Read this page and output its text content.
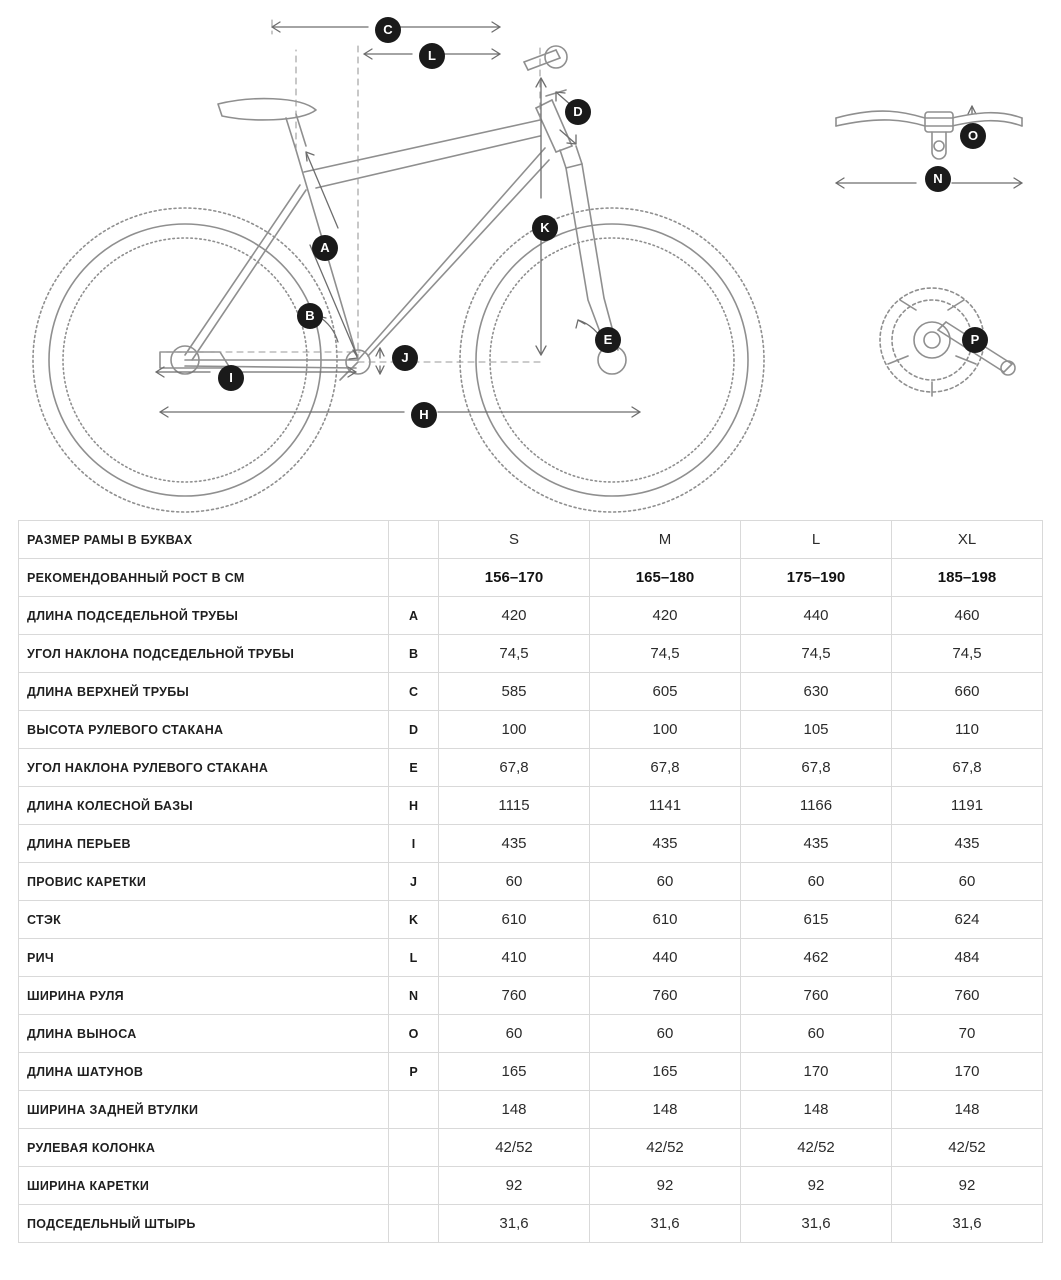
C
L
D
O
N
A
K
B
P
E
J
I
H
РАЗМЕР РАМЫ В БУКВАХ		S	M	L	XL
РЕКОМЕНДОВАННЫЙ РОСТ В СМ		156–170	165–180	175–190	185–198
ДЛИНА ПОДСЕДЕЛЬНОЙ ТРУБЫ	A	420	420	440	460
УГОЛ НАКЛОНА ПОДСЕДЕЛЬНОЙ ТРУБЫ	B	74,5	74,5	74,5	74,5
ДЛИНА ВЕРХНЕЙ ТРУБЫ	C	585	605	630	660
ВЫСОТА РУЛЕВОГО СТАКАНА	D	100	100	105	110
УГОЛ НАКЛОНА РУЛЕВОГО СТАКАНА	E	67,8	67,8	67,8	67,8
ДЛИНА КОЛЕСНОЙ БАЗЫ	H	1115	1141	1166	1191
ДЛИНА ПЕРЬЕВ	I	435	435	435	435
ПРОВИС КАРЕТКИ	J	60	60	60	60
СТЭК	K	610	610	615	624
РИЧ	L	410	440	462	484
ШИРИНА РУЛЯ	N	760	760	760	760
ДЛИНА ВЫНОСА	O	60	60	60	70
ДЛИНА ШАТУНОВ	P	165	165	170	170
ШИРИНА ЗАДНЕЙ ВТУЛКИ		148	148	148	148
РУЛЕВАЯ КОЛОНКА		42/52	42/52	42/52	42/52
ШИРИНА КАРЕТКИ		92	92	92	92
ПОДСЕДЕЛЬНЫЙ ШТЫРЬ		31,6	31,6	31,6	31,6
